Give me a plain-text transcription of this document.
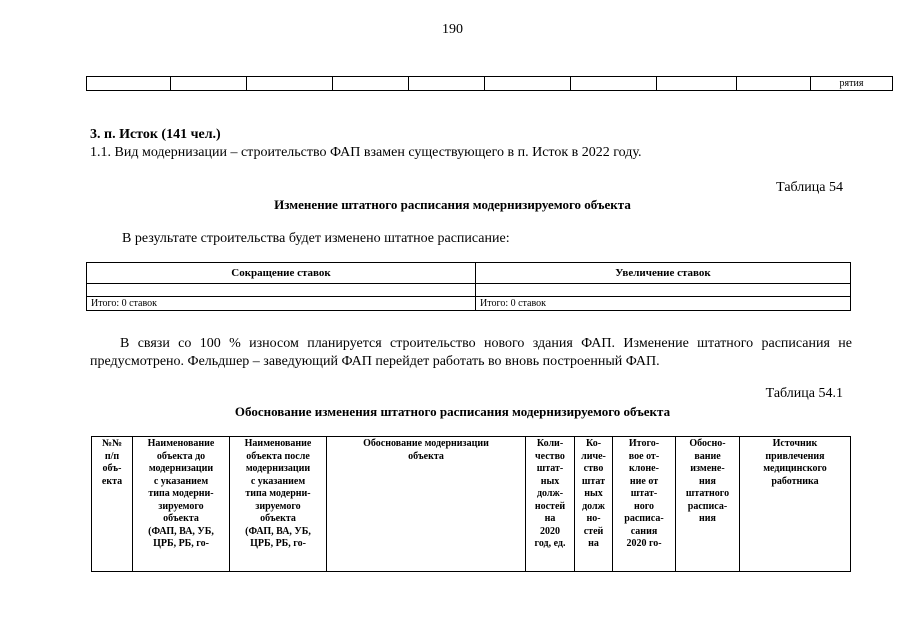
190
									рятия
3. п. Исток (141 чел.)
1.1. Вид модернизации – строительство ФАП взамен существующего в п. Исток в 2022 году.
Таблица 54
Изменение штатного расписания модернизируемого объекта
В результате строительства будет изменено штатное расписание:
Сокращение ставок	Увеличение ставок

Итого: 0 ставок	Итого: 0 ставок
В связи со 100 % износом планируется строительство нового здания ФАП. Изменение штатного расписания не предусмотрено. Фельдшер – заведующий ФАП перейдет работать во вновь построенный ФАП.
Таблица 54.1
Обоснование изменения штатного расписания модернизируемого объекта
№№
п/п
объ-
екта	Наименование
объекта до
модернизации
с указанием
типа модерни-
зируемого
объекта
(ФАП, ВА, УБ,
ЦРБ, РБ, го-	Наименование
объекта после
модернизации
с указанием
типа модерни-
зируемого
объекта
(ФАП, ВА, УБ,
ЦРБ, РБ, го-	Обоснование модернизации
объекта	Коли-
чество
штат-
ных
долж-
ностей
на
2020
год, ед.	Ко-
личе-
ство
штат
ных
долж
но-
стей
на	Итого-
вое от-
клоне-
ние от
штат-
ного
расписа-
сания
2020 го-	Обосно-
вание
измене-
ния
штатного
расписа-
ния	Источник
привлечения
медицинского
работника
